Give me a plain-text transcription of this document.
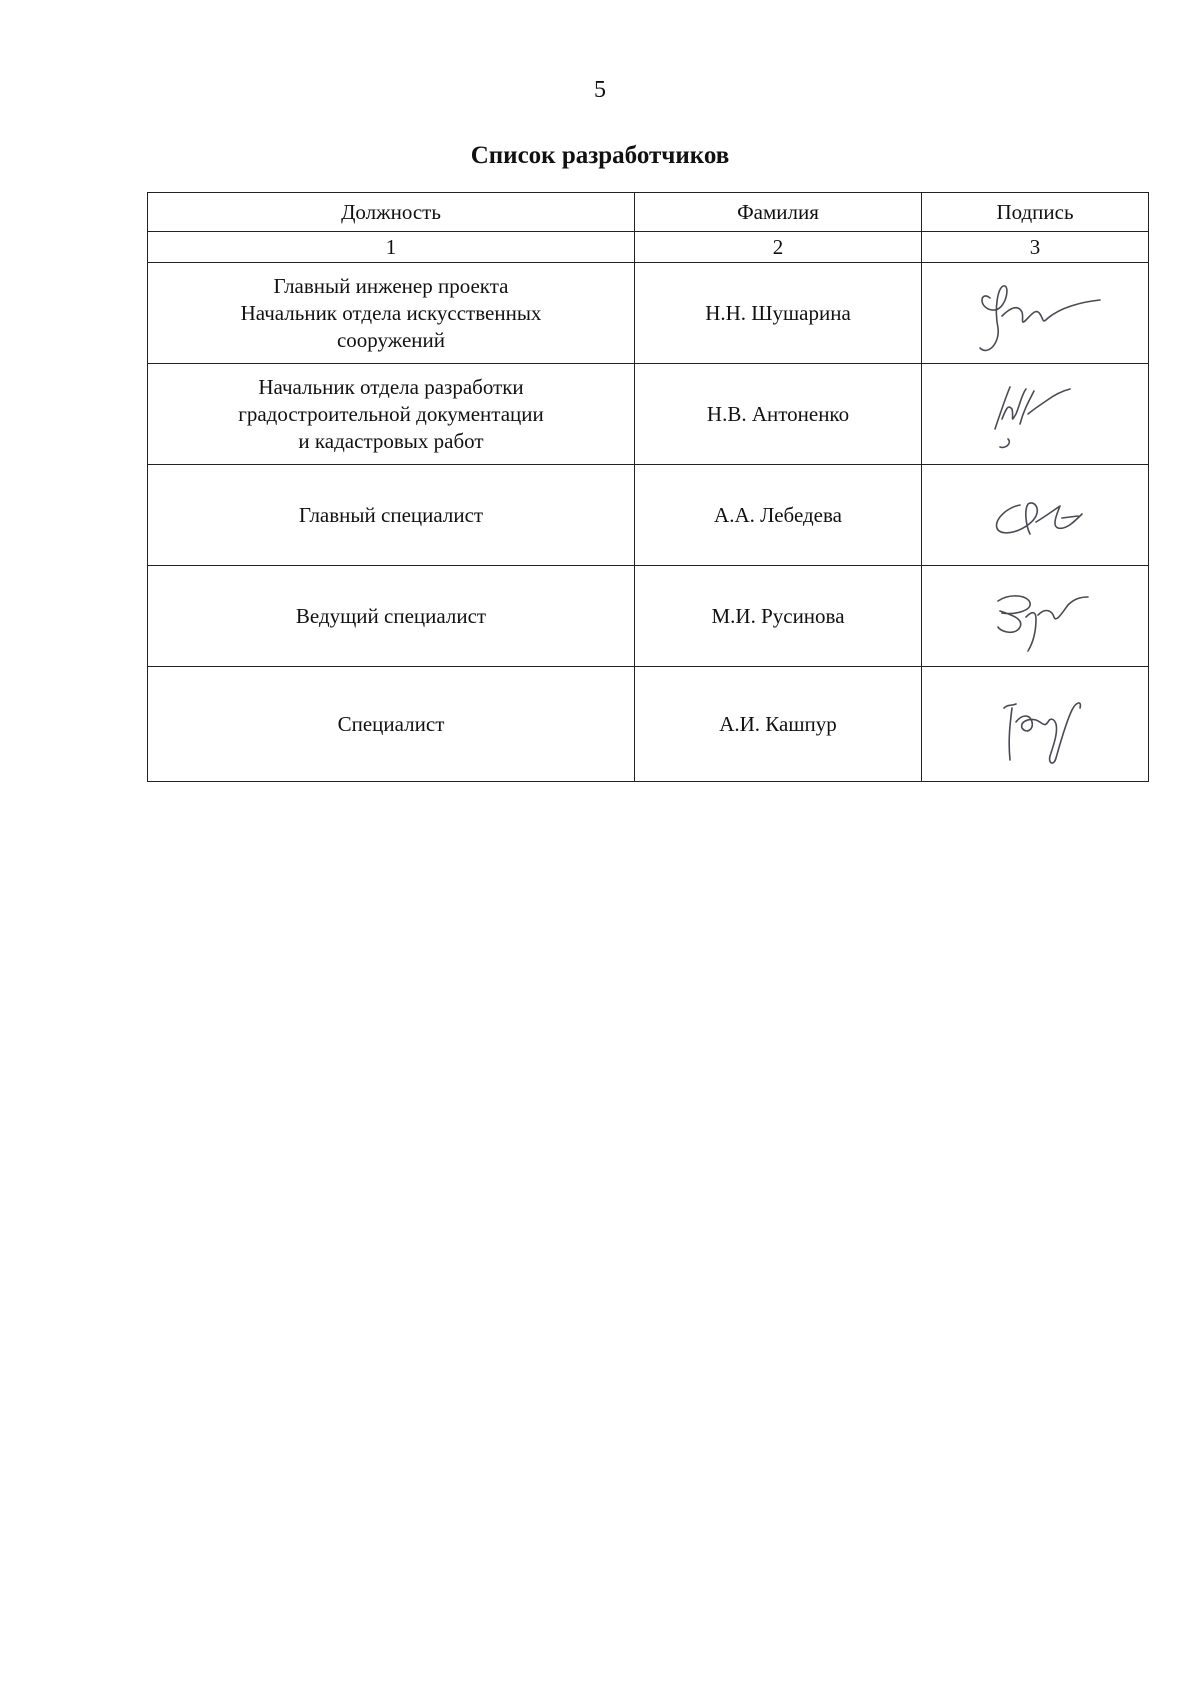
5
Список разработчиков
Должность	Фамилия	Подпись
1	2	3

Главный инженер проекта
Начальник отдела искусственных
сооружений	Н.Н. Шушарина	

Начальник отдела разработки
градостроительной документации
и кадастровых работ	Н.В. Антоненко	

Главный специалист	А.А. Лебедева	

Ведущий специалист	М.И. Русинова	

Специалист	А.И. Кашпур	
